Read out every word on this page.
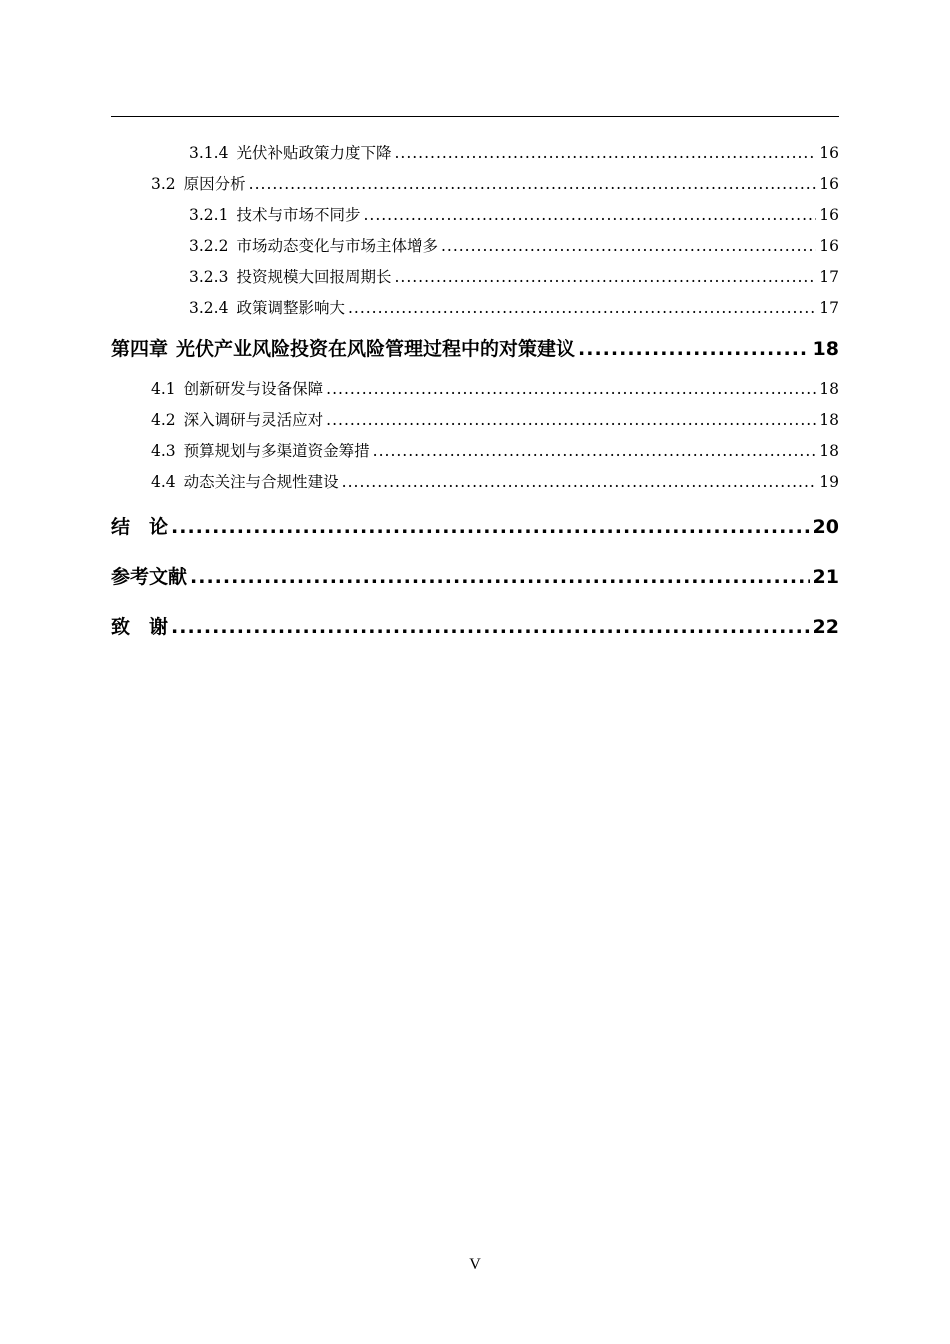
3.1.4 光伏补贴政策力度下降 .....	16
3.2 原因分析 .....	16
3.2.1 技术与市场不同步 .....	16
3.2.2 市场动态变化与市场主体增多 .....	16
3.2.3 投资规模大回报周期长 .....	17
3.2.4 政策调整影响大 .....	17
第四章 光伏产业风险投资在风险管理过程中的对策建议 .....	18
4.1 创新研发与设备保障 .....	18
4.2 深入调研与灵活应对 .....	18
4.3 预算规划与多渠道资金筹措 .....	18
4.4 动态关注与合规性建设 .....	19
结　论 .....	20
参考文献 .....	21
致　谢 .....	22
V
